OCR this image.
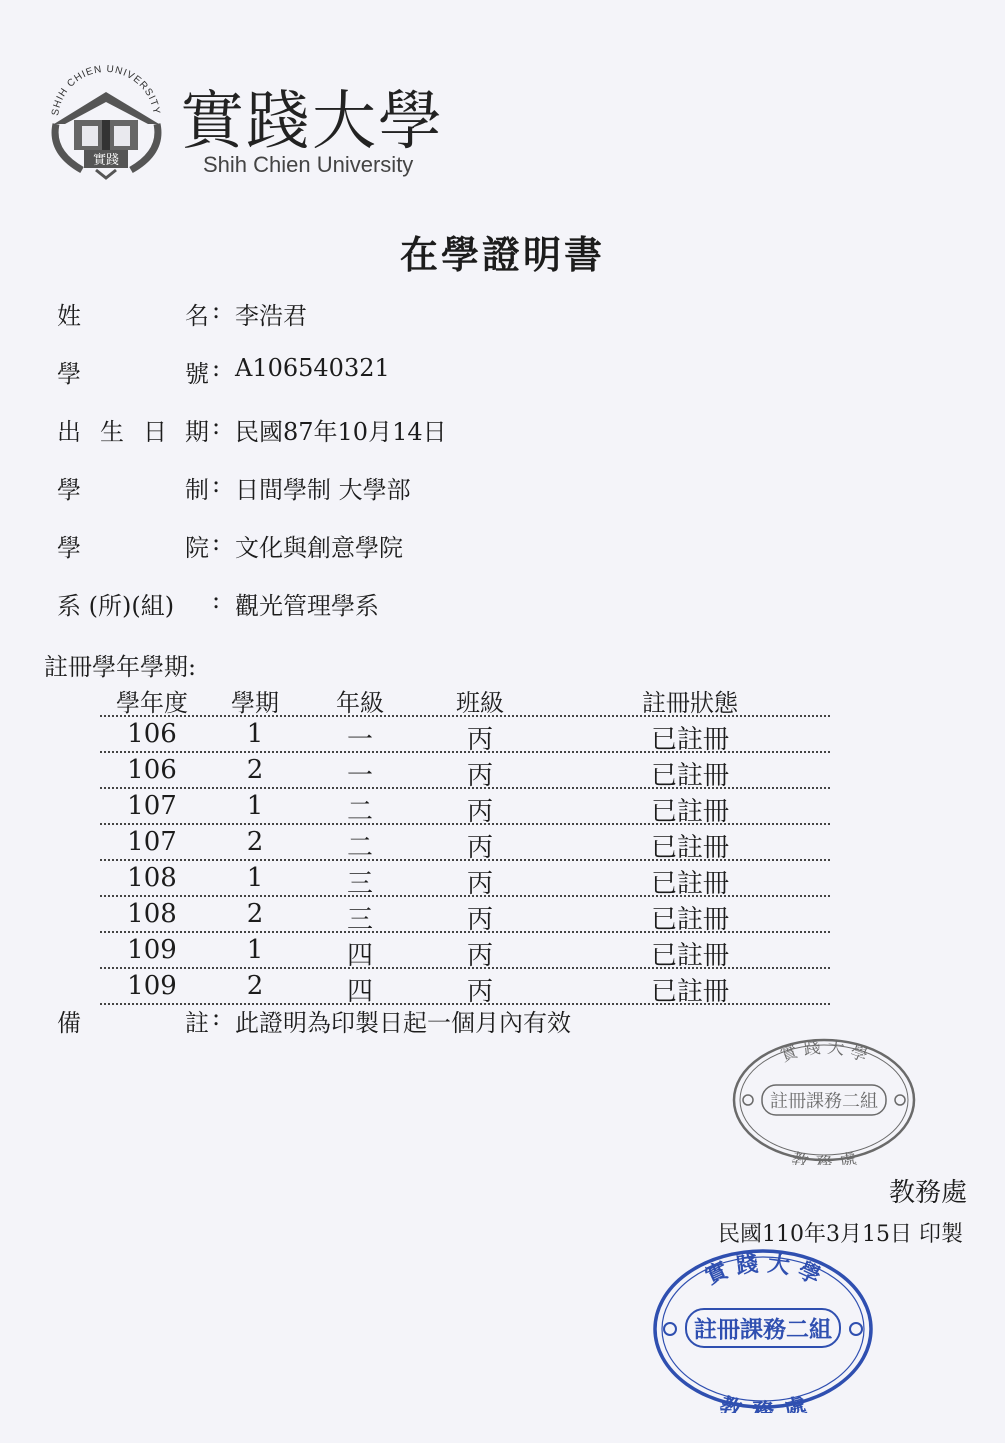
SHIH CHIEN UNIVERSITY
實踐
實踐大學
Shih Chien University
在學證明書
姓	名 : 李浩君
學	號 : A106540321
出 生 日 期 : 民國87年10月14日
學	制 : 日間學制 大學部
學	院 : 文化與創意學院
系 (所)(組) : 觀光管理學系
註冊學年學期:
學年度	學期	年級	班級	註冊狀態
106	1	一	丙	已註冊
106	2	一	丙	已註冊
107	1	二	丙	已註冊
107	2	二	丙	已註冊
108	1	三	丙	已註冊
108	2	三	丙	已註冊
109	1	四	丙	已註冊
109	2	四	丙	已註冊
備	註 : 此證明為印製日起一個月內有效
實 踐 大 學
註冊課務二組
教 務 處
教務處
民國110年3月15日 印製
實 踐 大 學
註冊課務二組
教 務 處
